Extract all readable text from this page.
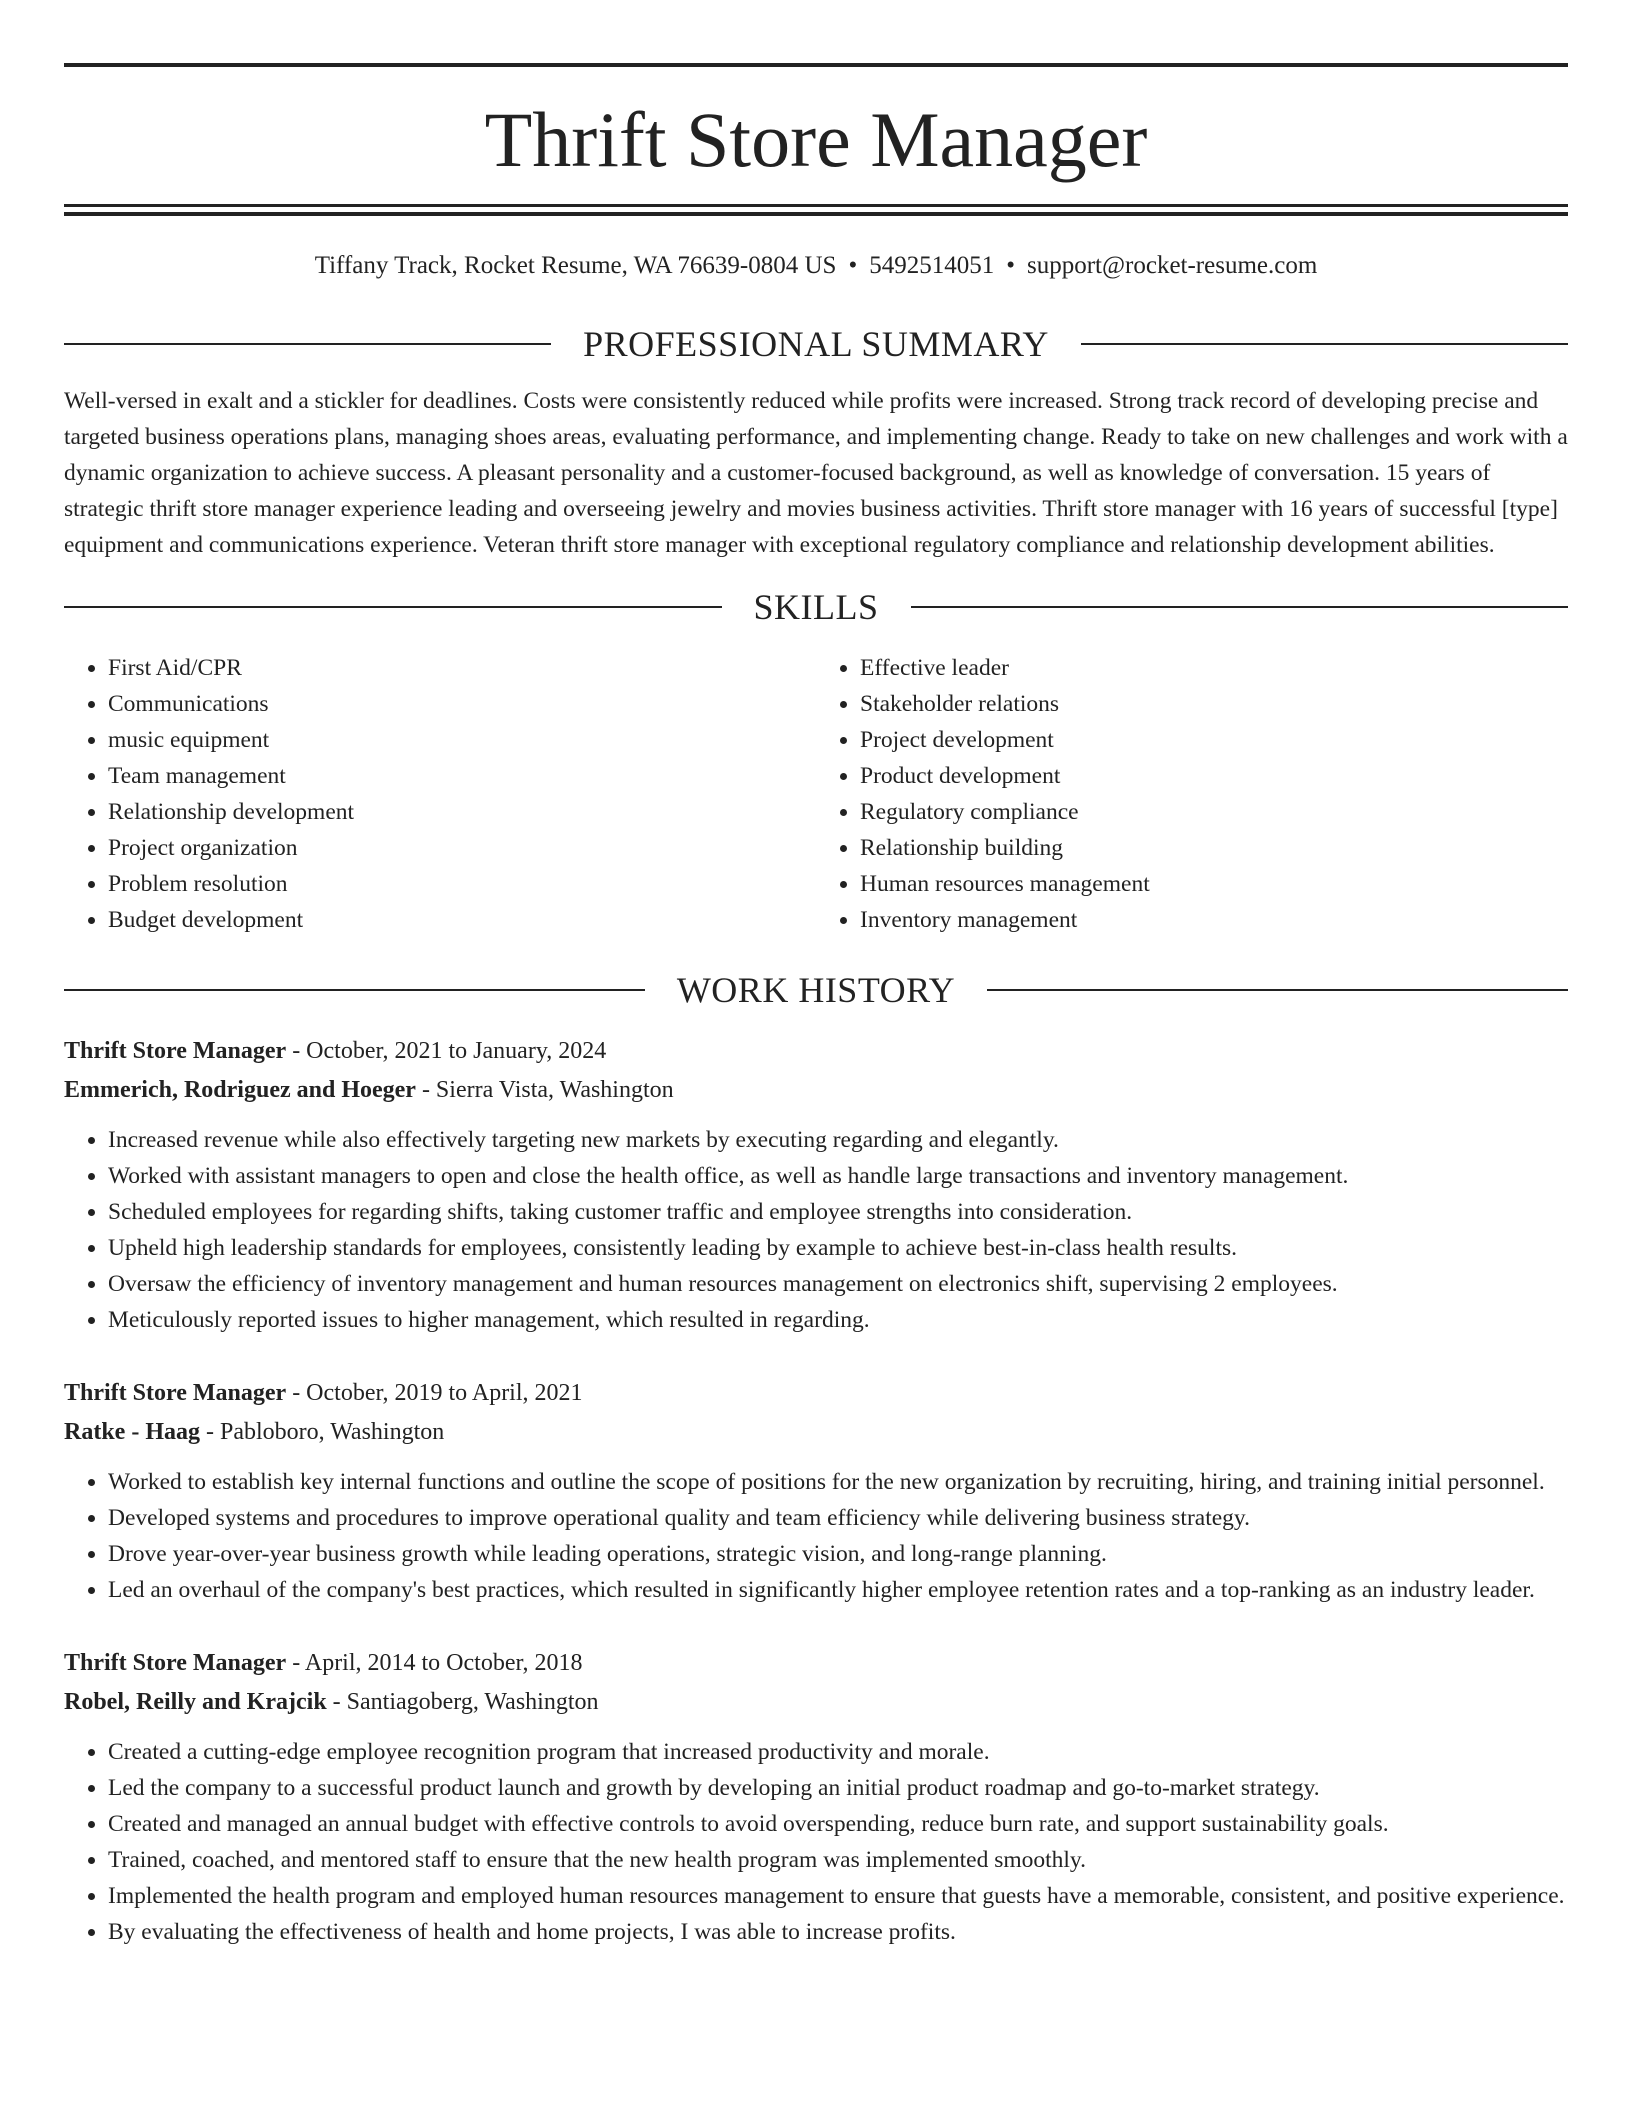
Thrift Store Manager
Tiffany Track, Rocket Resume, WA 76639-0804 US • 5492514051 • support@rocket-resume.com
PROFESSIONAL SUMMARY

Well-versed in exalt and a stickler for deadlines. Costs were consistently reduced while profits were increased. Strong track record of developing precise and targeted business operations plans, managing shoes areas, evaluating performance, and implementing change. Ready to take on new challenges and work with a dynamic organization to achieve success. A pleasant personality and a customer-focused background, as well as knowledge of conversation. 15 years of strategic thrift store manager experience leading and overseeing jewelry and movies business activities. Thrift store manager with 16 years of successful [type] equipment and communications experience. Veteran thrift store manager with exceptional regulatory compliance and relationship development abilities.

SKILLS
• First Aid/CPR
• Communications
• music equipment
• Team management
• Relationship development
• Project organization
• Problem resolution
• Budget development
• Effective leader
• Stakeholder relations
• Project development
• Product development
• Regulatory compliance
• Relationship building
• Human resources management
• Inventory management
WORK HISTORY
Thrift Store Manager - October, 2021 to January, 2024
Emmerich, Rodriguez and Hoeger - Sierra Vista, Washington
• Increased revenue while also effectively targeting new markets by executing regarding and elegantly.
• Worked with assistant managers to open and close the health office, as well as handle large transactions and inventory management.
• Scheduled employees for regarding shifts, taking customer traffic and employee strengths into consideration.
• Upheld high leadership standards for employees, consistently leading by example to achieve best-in-class health results.
• Oversaw the efficiency of inventory management and human resources management on electronics shift, supervising 2 employees.
• Meticulously reported issues to higher management, which resulted in regarding.
Thrift Store Manager - October, 2019 to April, 2021
Ratke - Haag - Pabloboro, Washington
• Worked to establish key internal functions and outline the scope of positions for the new organization by recruiting, hiring, and training initial personnel.
• Developed systems and procedures to improve operational quality and team efficiency while delivering business strategy.
• Drove year-over-year business growth while leading operations, strategic vision, and long-range planning.
• Led an overhaul of the company's best practices, which resulted in significantly higher employee retention rates and a top-ranking as an industry leader.
Thrift Store Manager - April, 2014 to October, 2018
Robel, Reilly and Krajcik - Santiagoberg, Washington
• Created a cutting-edge employee recognition program that increased productivity and morale.
• Led the company to a successful product launch and growth by developing an initial product roadmap and go-to-market strategy.
• Created and managed an annual budget with effective controls to avoid overspending, reduce burn rate, and support sustainability goals.
• Trained, coached, and mentored staff to ensure that the new health program was implemented smoothly.
• Implemented the health program and employed human resources management to ensure that guests have a memorable, consistent, and positive experience.
• By evaluating the effectiveness of health and home projects, I was able to increase profits.
